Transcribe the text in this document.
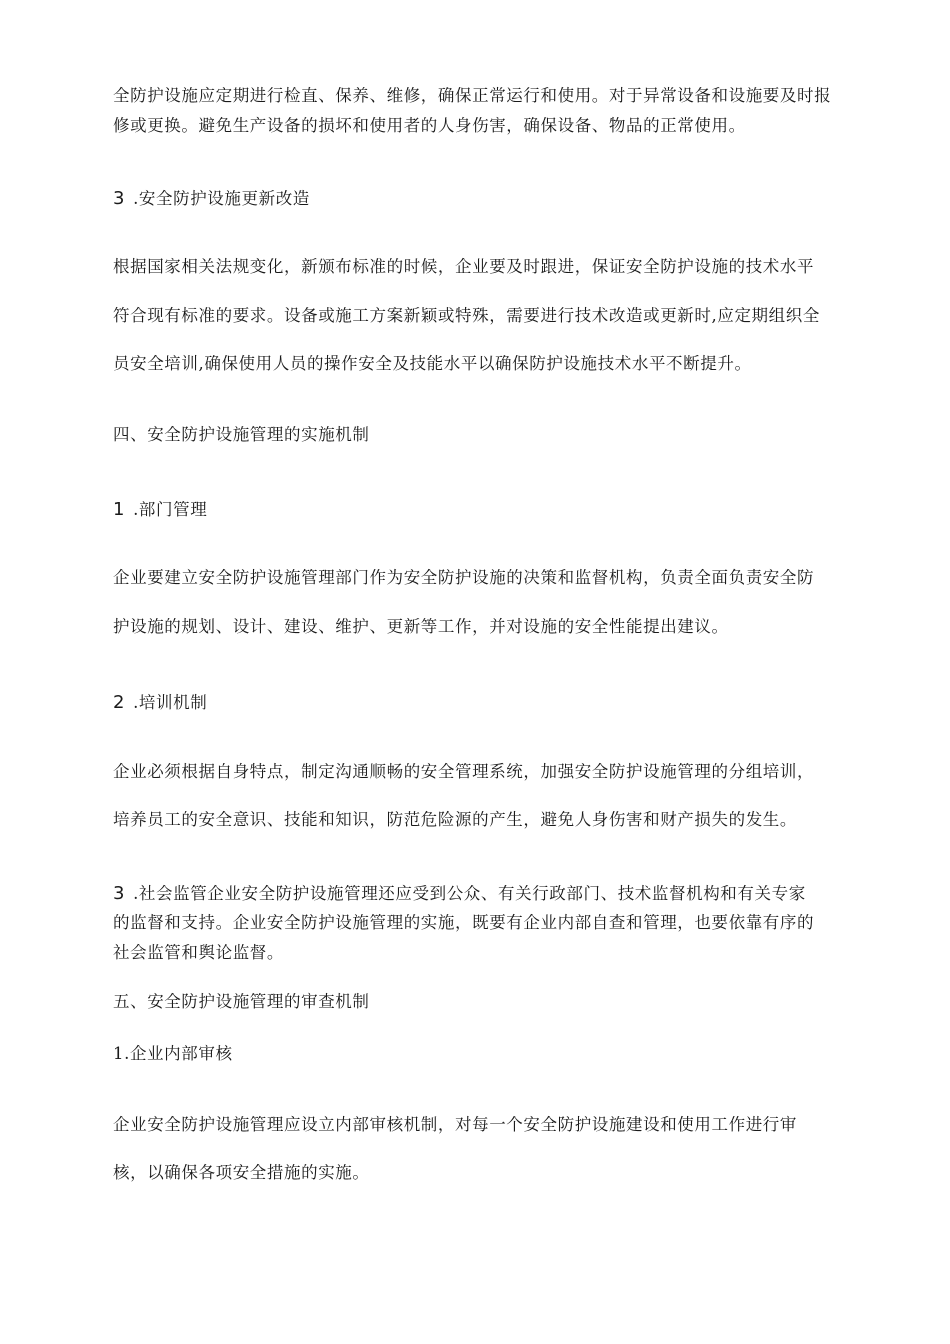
全防护设施应定期进行检直、保养、维修，确保正常运行和使用。对于异常设备和设施要及时报
修或更换。避免生产设备的损坏和使用者的人身伤害，确保设备、物品的正常使用。
3 .安全防护设施更新改造
根据国家相关法规变化，新颁布标准的时候，企业要及时跟进，保证安全防护设施的技术水平
符合现有标准的要求。设备或施工方案新颖或特殊，需要进行技术改造或更新时,应定期组织全
员安全培训,确保使用人员的操作安全及技能水平以确保防护设施技术水平不断提升。
四、安全防护设施管理的实施机制
1 .部门管理
企业要建立安全防护设施管理部门作为安全防护设施的决策和监督机构，负责全面负责安全防
护设施的规划、设计、建设、维护、更新等工作，并对设施的安全性能提出建议。
2 .培训机制
企业必须根据自身特点，制定沟通顺畅的安全管理系统，加强安全防护设施管理的分组培训，
培养员工的安全意识、技能和知识，防范危险源的产生，避免人身伤害和财产损失的发生。
3 .社会监管企业安全防护设施管理还应受到公众、有关行政部门、技术监督机构和有关专家
的监督和支持。企业安全防护设施管理的实施，既要有企业内部自查和管理，也要依靠有序的
社会监管和舆论监督。
五、安全防护设施管理的审查机制
1.企业内部审核
企业安全防护设施管理应设立内部审核机制，对每一个安全防护设施建设和使用工作进行审
核，以确保各项安全措施的实施。
